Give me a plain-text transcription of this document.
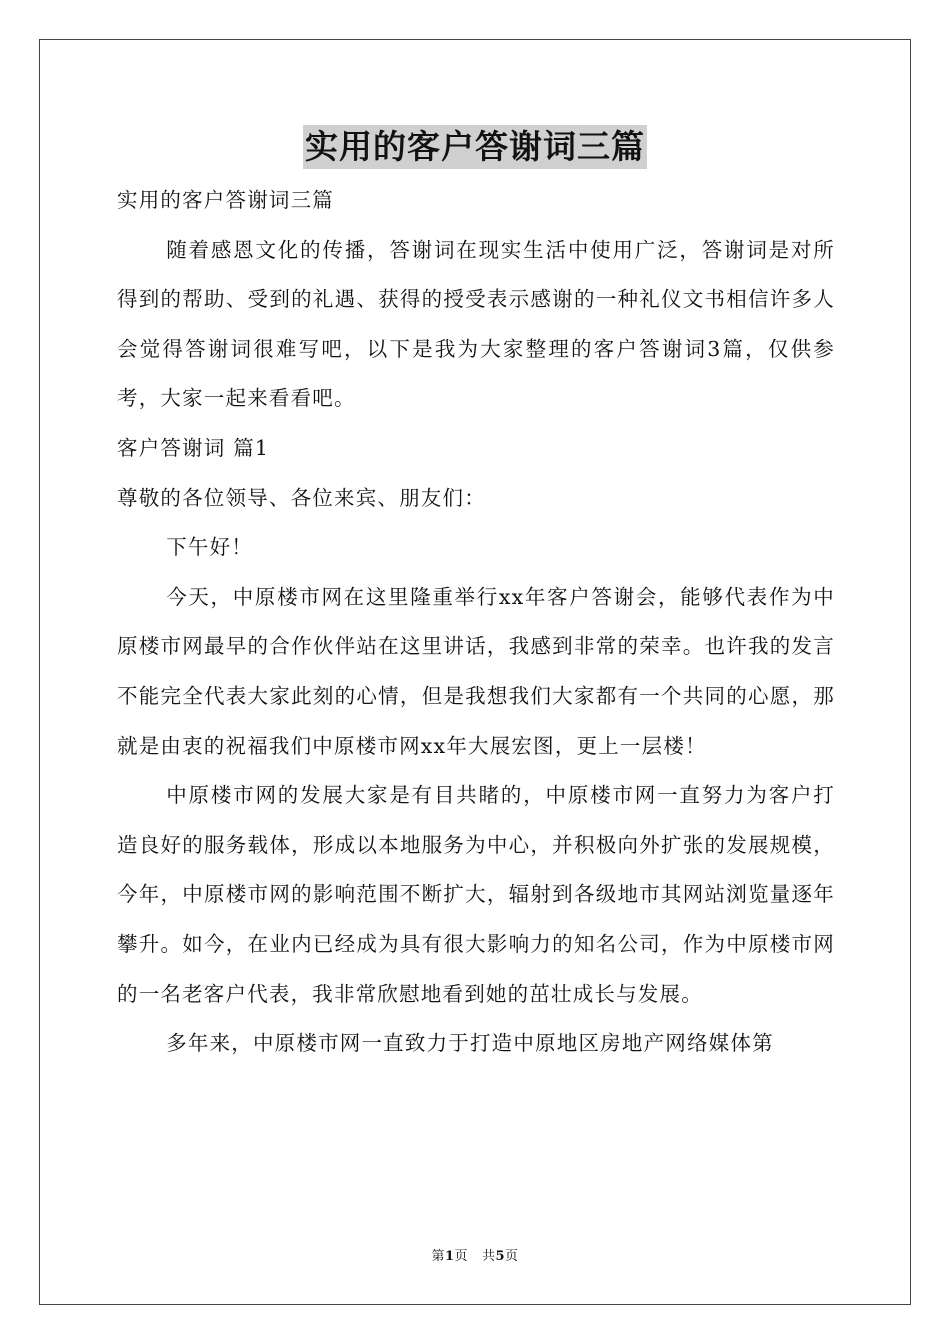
实用的客户答谢词三篇

实用的客户答谢词三篇

随着感恩文化的传播，答谢词在现实生活中使用广泛，答谢词是对所得到的帮助、受到的礼遇、获得的授受表示感谢的一种礼仪文书相信许多人会觉得答谢词很难写吧，以下是我为大家整理的客户答谢词3篇，仅供参考，大家一起来看看吧。

客户答谢词 篇1

尊敬的各位领导、各位来宾、朋友们：

下午好！

今天，中原楼市网在这里隆重举行xx年客户答谢会，能够代表作为中原楼市网最早的合作伙伴站在这里讲话，我感到非常的荣幸。也许我的发言不能完全代表大家此刻的心情，但是我想我们大家都有一个共同的心愿，那就是由衷的祝福我们中原楼市网xx年大展宏图，更上一层楼！

中原楼市网的发展大家是有目共睹的，中原楼市网一直努力为客户打造良好的服务载体，形成以本地服务为中心，并积极向外扩张的发展规模，今年，中原楼市网的影响范围不断扩大，辐射到各级地市其网站浏览量逐年攀升。如今，在业内已经成为具有很大影响力的知名公司，作为中原楼市网的一名老客户代表，我非常欣慰地看到她的茁壮成长与发展。

多年来，中原楼市网一直致力于打造中原地区房地产网络媒体第

第1页 共5页
